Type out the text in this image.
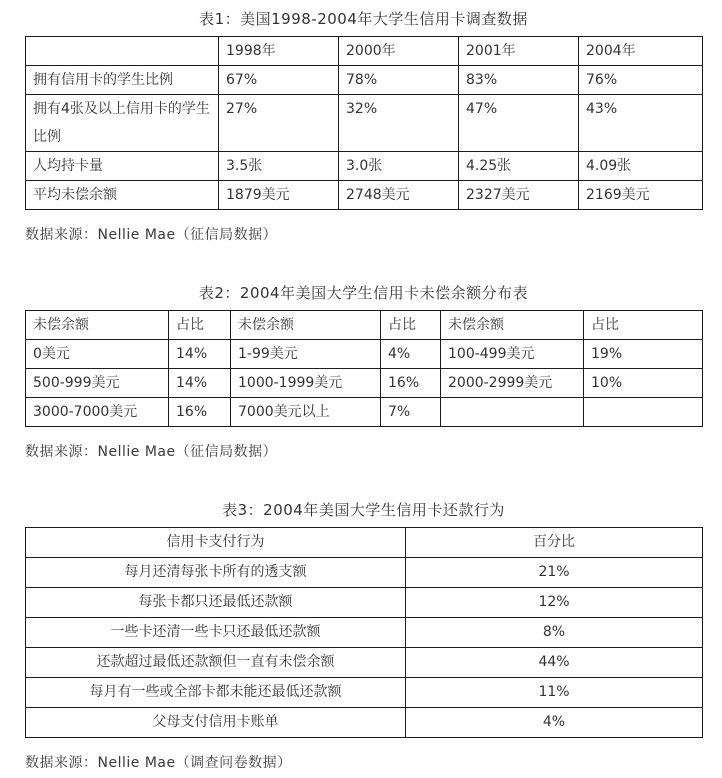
表1：美国1998-2004年大学生信用卡调查数据
	1998年	2000年	2001年	2004年
拥有信用卡的学生比例	67%	78%	83%	76%
拥有4张及以上信用卡的学生比例	27%	32%	47%	43%
人均持卡量	3.5张	3.0张	4.25张	4.09张
平均未偿余额	1879美元	2748美元	2327美元	2169美元

数据来源：Nellie Mae（征信局数据）

表2：2004年美国大学生信用卡未偿余额分布表
未偿余额	占比	未偿余额	占比	未偿余额	占比
0美元	14%	1-99美元	4%	100-499美元	19%
500-999美元	14%	1000-1999美元	16%	2000-2999美元	10%
3000-7000美元	16%	7000美元以上	7%		

数据来源：Nellie Mae（征信局数据）

表3：2004年美国大学生信用卡还款行为
信用卡支付行为	百分比
每月还清每张卡所有的透支额	21%
每张卡都只还最低还款额	12%
一些卡还清一些卡只还最低还款额	8%
还款超过最低还款额但一直有未偿余额	44%
每月有一些或全部卡都未能还最低还款额	11%
父母支付信用卡账单	4%

数据来源：Nellie Mae（调查问卷数据）
